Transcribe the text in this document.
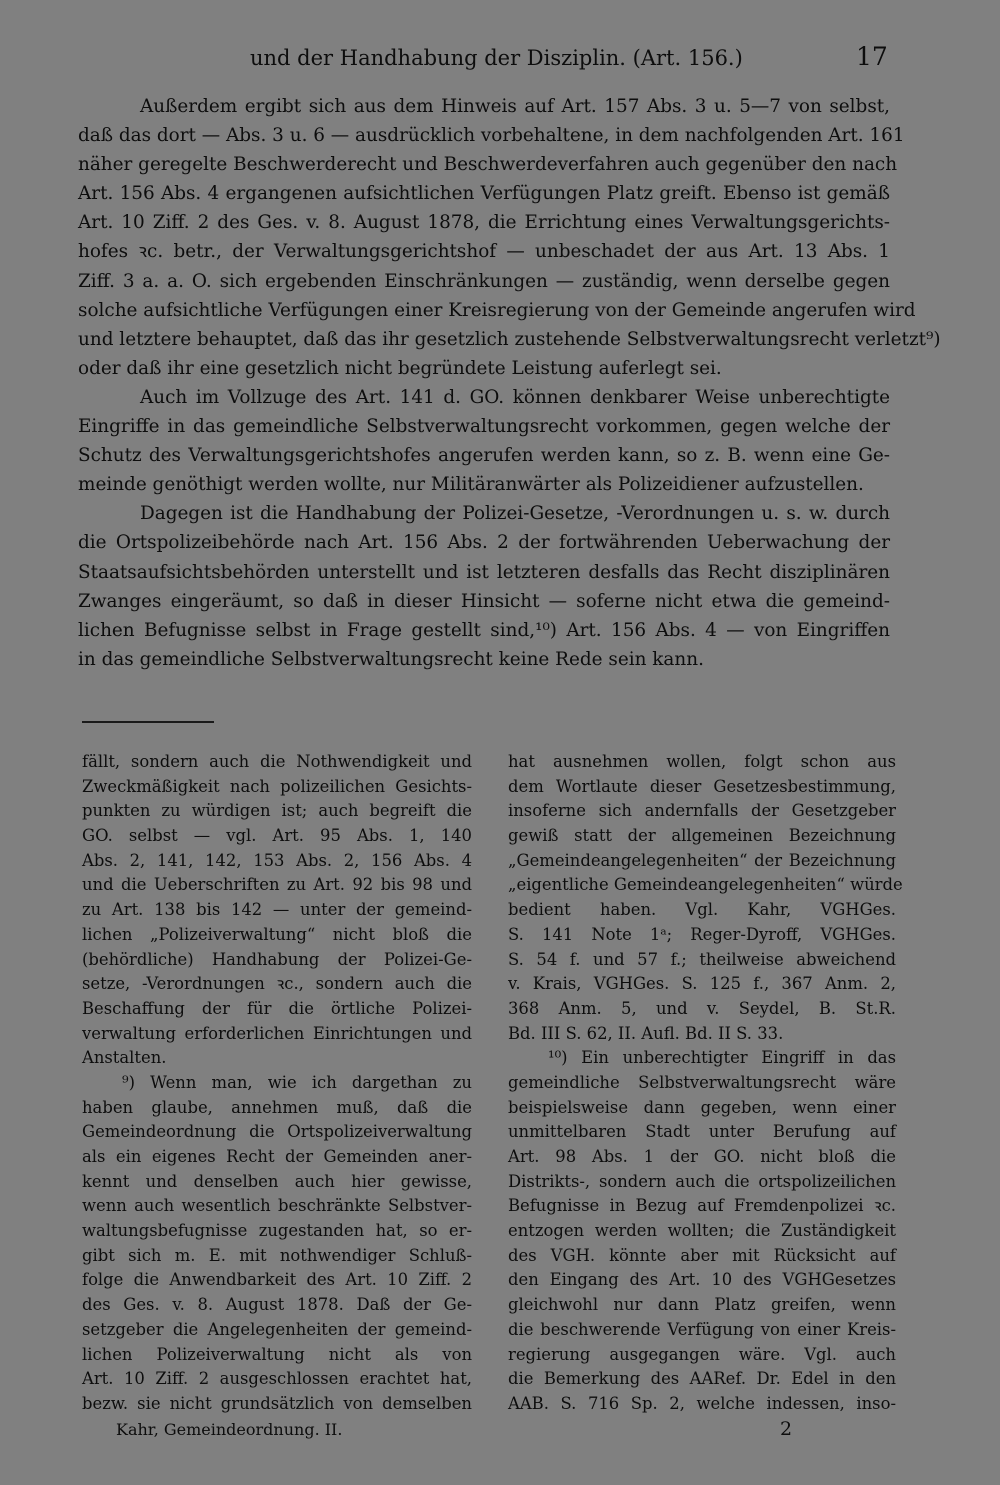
und der Handhabung der Disziplin. (Art. 156.)	17
Außerdem ergibt sich aus dem Hinweis auf Art. 157 Abs. 3 u. 5—7 von selbst,
daß das dort — Abs. 3 u. 6 — ausdrücklich vorbehaltene, in dem nachfolgenden Art. 161
näher geregelte Beschwerderecht und Beschwerdeverfahren auch gegenüber den nach
Art. 156 Abs. 4 ergangenen aufsichtlichen Verfügungen Platz greift. Ebenso ist gemäß
Art. 10 Ziff. 2 des Ges. v. 8. August 1878, die Errichtung eines Verwaltungsgerichts-
hofes ꝛc. betr., der Verwaltungsgerichtshof — unbeschadet der aus Art. 13 Abs. 1
Ziff. 3 a. a. O. sich ergebenden Einschränkungen — zuständig, wenn derselbe gegen
solche aufsichtliche Verfügungen einer Kreisregierung von der Gemeinde angerufen wird
und letztere behauptet, daß das ihr gesetzlich zustehende Selbstverwaltungsrecht verletzt⁹)
oder daß ihr eine gesetzlich nicht begründete Leistung auferlegt sei.
Auch im Vollzuge des Art. 141 d. GO. können denkbarer Weise unberechtigte
Eingriffe in das gemeindliche Selbstverwaltungsrecht vorkommen, gegen welche der
Schutz des Verwaltungsgerichtshofes angerufen werden kann, so z. B. wenn eine Ge-
meinde genöthigt werden wollte, nur Militäranwärter als Polizeidiener aufzustellen.
Dagegen ist die Handhabung der Polizei-Gesetze, -Verordnungen u. s. w. durch
die Ortspolizeibehörde nach Art. 156 Abs. 2 der fortwährenden Ueberwachung der
Staatsaufsichtsbehörden unterstellt und ist letzteren desfalls das Recht disziplinären
Zwanges eingeräumt, so daß in dieser Hinsicht — soferne nicht etwa die gemeind-
lichen Befugnisse selbst in Frage gestellt sind,¹⁰) Art. 156 Abs. 4 — von Eingriffen
in das gemeindliche Selbstverwaltungsrecht keine Rede sein kann.
fällt, sondern auch die Nothwendigkeit und
Zweckmäßigkeit nach polizeilichen Gesichts-
punkten zu würdigen ist; auch begreift die
GO. selbst — vgl. Art. 95 Abs. 1, 140
Abs. 2, 141, 142, 153 Abs. 2, 156 Abs. 4
und die Ueberschriften zu Art. 92 bis 98 und
zu Art. 138 bis 142 — unter der gemeind-
lichen „Polizeiverwaltung“ nicht bloß die
(behördliche) Handhabung der Polizei-Ge-
setze, -Verordnungen ꝛc., sondern auch die
Beschaffung der für die örtliche Polizei-
verwaltung erforderlichen Einrichtungen und
Anstalten.
⁹) Wenn man, wie ich dargethan zu
haben glaube, annehmen muß, daß die
Gemeindeordnung die Ortspolizeiverwaltung
als ein eigenes Recht der Gemeinden aner-
kennt und denselben auch hier gewisse,
wenn auch wesentlich beschränkte Selbstver-
waltungsbefugnisse zugestanden hat, so er-
gibt sich m. E. mit nothwendiger Schluß-
folge die Anwendbarkeit des Art. 10 Ziff. 2
des Ges. v. 8. August 1878. Daß der Ge-
setzgeber die Angelegenheiten der gemeind-
lichen Polizeiverwaltung nicht als von
Art. 10 Ziff. 2 ausgeschlossen erachtet hat,
bezw. sie nicht grundsätzlich von demselben
hat ausnehmen wollen, folgt schon aus
dem Wortlaute dieser Gesetzesbestimmung,
insoferne sich andernfalls der Gesetzgeber
gewiß statt der allgemeinen Bezeichnung
„Gemeindeangelegenheiten“ der Bezeichnung
„eigentliche Gemeindeangelegenheiten“ würde
bedient haben. Vgl. Kahr, VGHGes.
S. 141 Note 1ᵃ; Reger-Dyroff, VGHGes.
S. 54 f. und 57 f.; theilweise abweichend
v. Krais, VGHGes. S. 125 f., 367 Anm. 2,
368 Anm. 5, und v. Seydel, B. St.R.
Bd. III S. 62, II. Aufl. Bd. II S. 33.
¹⁰) Ein unberechtigter Eingriff in das
gemeindliche Selbstverwaltungsrecht wäre
beispielsweise dann gegeben, wenn einer
unmittelbaren Stadt unter Berufung auf
Art. 98 Abs. 1 der GO. nicht bloß die
Distrikts-, sondern auch die ortspolizeilichen
Befugnisse in Bezug auf Fremdenpolizei ꝛc.
entzogen werden wollten; die Zuständigkeit
des VGH. könnte aber mit Rücksicht auf
den Eingang des Art. 10 des VGHGesetzes
gleichwohl nur dann Platz greifen, wenn
die beschwerende Verfügung von einer Kreis-
regierung ausgegangen wäre. Vgl. auch
die Bemerkung des AARef. Dr. Edel in den
AAB. S. 716 Sp. 2, welche indessen, inso-
Kahr, Gemeindeordnung. II.	2
